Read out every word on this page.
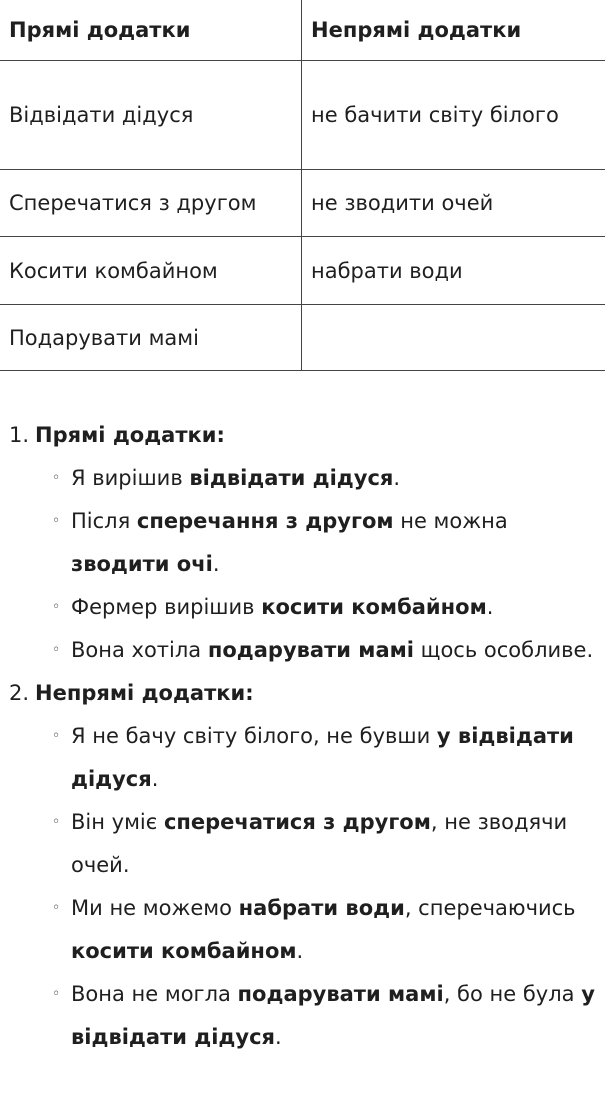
Прямі додатки	Непрямі додатки
Відвідати дідуся	не бачити світу білого
Сперечатися з другом	не зводити очей
Косити комбайном	набрати води
Подарувати мамі	
1. Прямі додатки:
◦ Я вирішив відвідати дідуся.
◦ Після сперечання з другом не можна зводити очі.
◦ Фермер вирішив косити комбайном.
◦ Вона хотіла подарувати мамі щось особливе.
2. Непрямі додатки:
◦ Я не бачу світу білого, не бувши у відвідати дідуся.
◦ Він уміє сперечатися з другом, не зводячи очей.
◦ Ми не можемо набрати води, сперечаючись косити комбайном.
◦ Вона не могла подарувати мамі, бо не була у відвідати дідуся.
